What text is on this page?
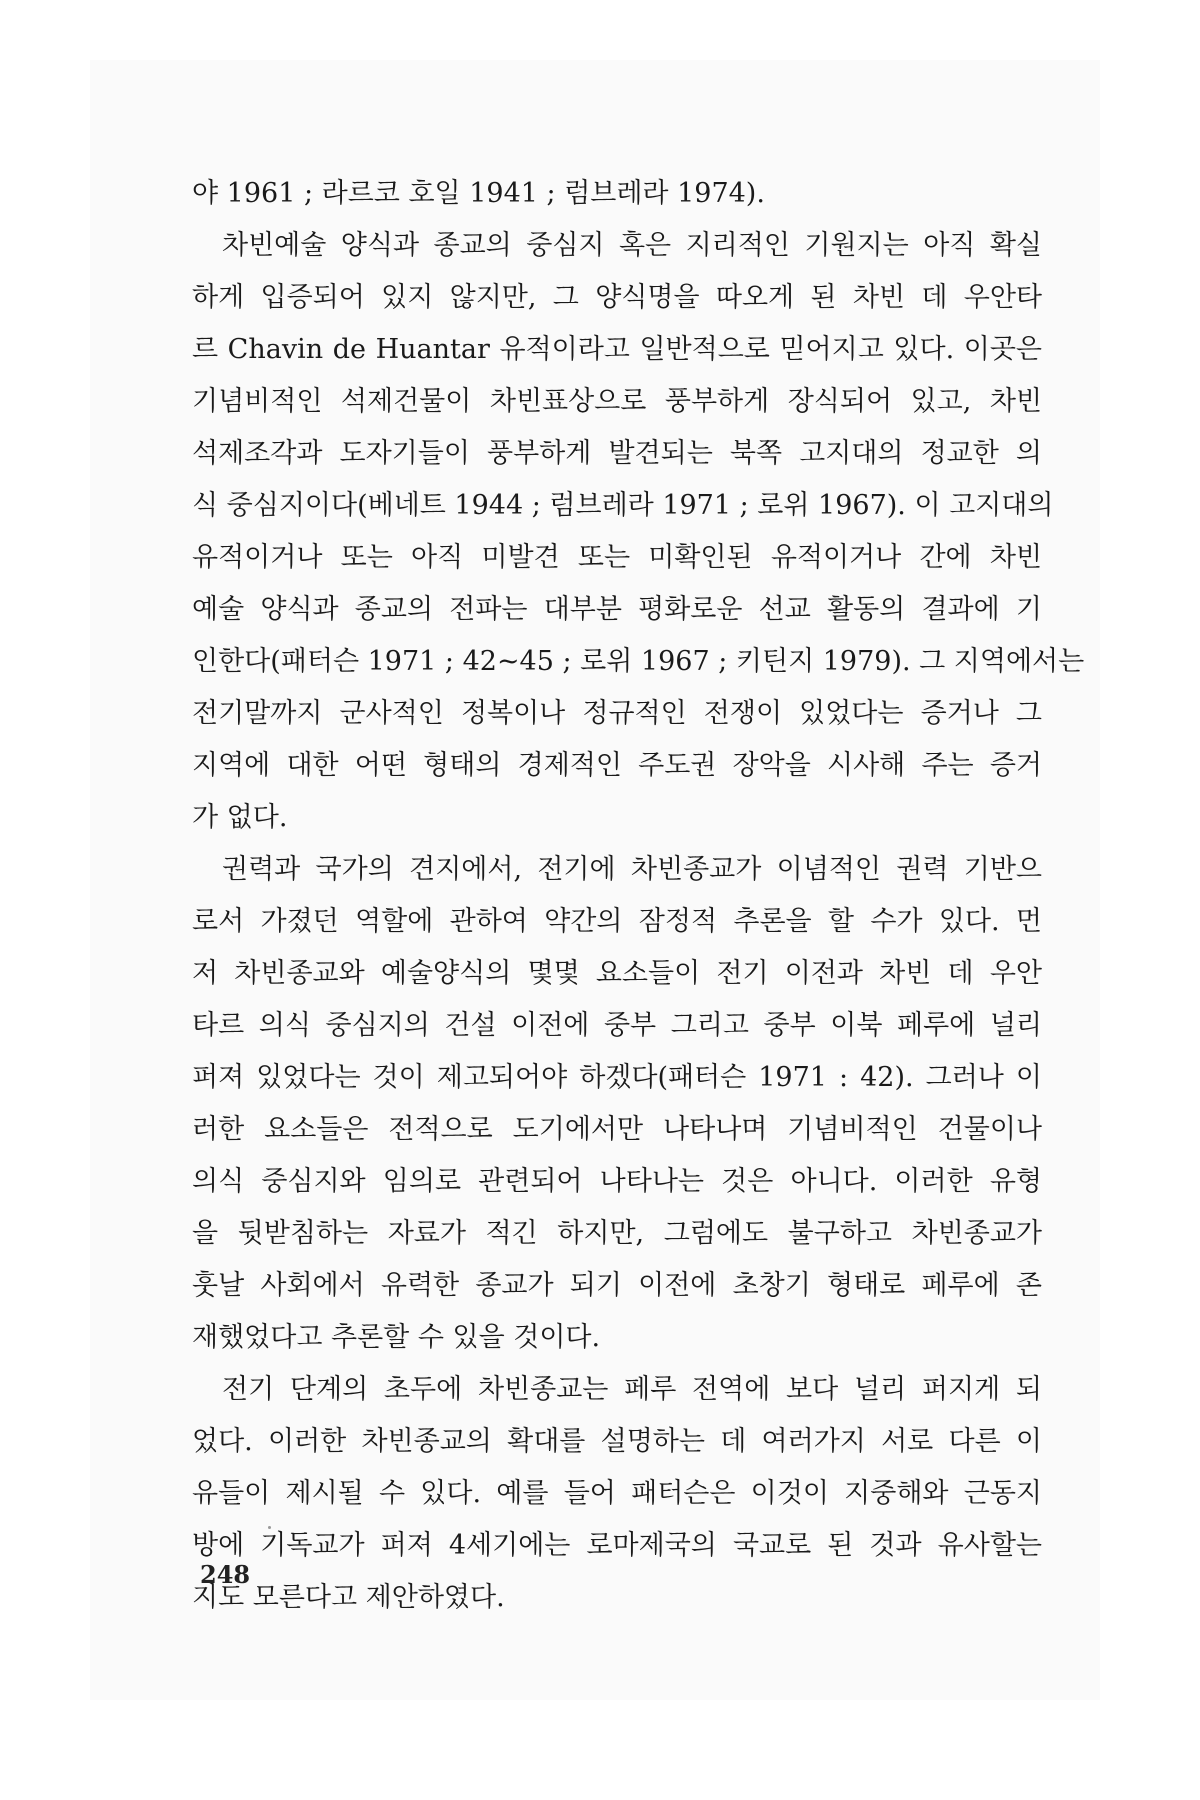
야 1961 ; 라르코 호일 1941 ; 럼브레라 1974).

차빈예술 양식과 종교의 중심지 혹은 지리적인 기원지는 아직 확실

하게 입증되어 있지 않지만, 그 양식명을 따오게 된 차빈 데 우안타

르 Chavin de Huantar 유적이라고 일반적으로 믿어지고 있다. 이곳은

기념비적인 석제건물이 차빈표상으로 풍부하게 장식되어 있고, 차빈

석제조각과 도자기들이 풍부하게 발견되는 북쪽 고지대의 정교한 의

식 중심지이다(베네트 1944 ; 럼브레라 1971 ; 로위 1967). 이 고지대의

유적이거나 또는 아직 미발견 또는 미확인된 유적이거나 간에 차빈

예술 양식과 종교의 전파는 대부분 평화로운 선교 활동의 결과에 기

인한다(패터슨 1971 ; 42~45 ; 로위 1967 ; 키틴지 1979). 그 지역에서는

전기말까지 군사적인 정복이나 정규적인 전쟁이 있었다는 증거나 그

지역에 대한 어떤 형태의 경제적인 주도권 장악을 시사해 주는 증거

가 없다.

권력과 국가의 견지에서, 전기에 차빈종교가 이념적인 권력 기반으

로서 가졌던 역할에 관하여 약간의 잠정적 추론을 할 수가 있다. 먼

저 차빈종교와 예술양식의 몇몇 요소들이 전기 이전과 차빈 데 우안

타르 의식 중심지의 건설 이전에 중부 그리고 중부 이북 페루에 널리

퍼져 있었다는 것이 제고되어야 하겠다(패터슨 1971 : 42). 그러나 이

러한 요소들은 전적으로 도기에서만 나타나며 기념비적인 건물이나

의식 중심지와 임의로 관련되어 나타나는 것은 아니다. 이러한 유형

을 뒷받침하는 자료가 적긴 하지만, 그럼에도 불구하고 차빈종교가

훗날 사회에서 유력한 종교가 되기 이전에 초창기 형태로 페루에 존

재했었다고 추론할 수 있을 것이다.

전기 단계의 초두에 차빈종교는 페루 전역에 보다 널리 퍼지게 되

었다. 이러한 차빈종교의 확대를 설명하는 데 여러가지 서로 다른 이

유들이 제시될 수 있다. 예를 들어 패터슨은 이것이 지중해와 근동지

방에 기독교가 퍼져 4세기에는 로마제국의 국교로 된 것과 유사할는

지도 모른다고 제안하였다.

248
